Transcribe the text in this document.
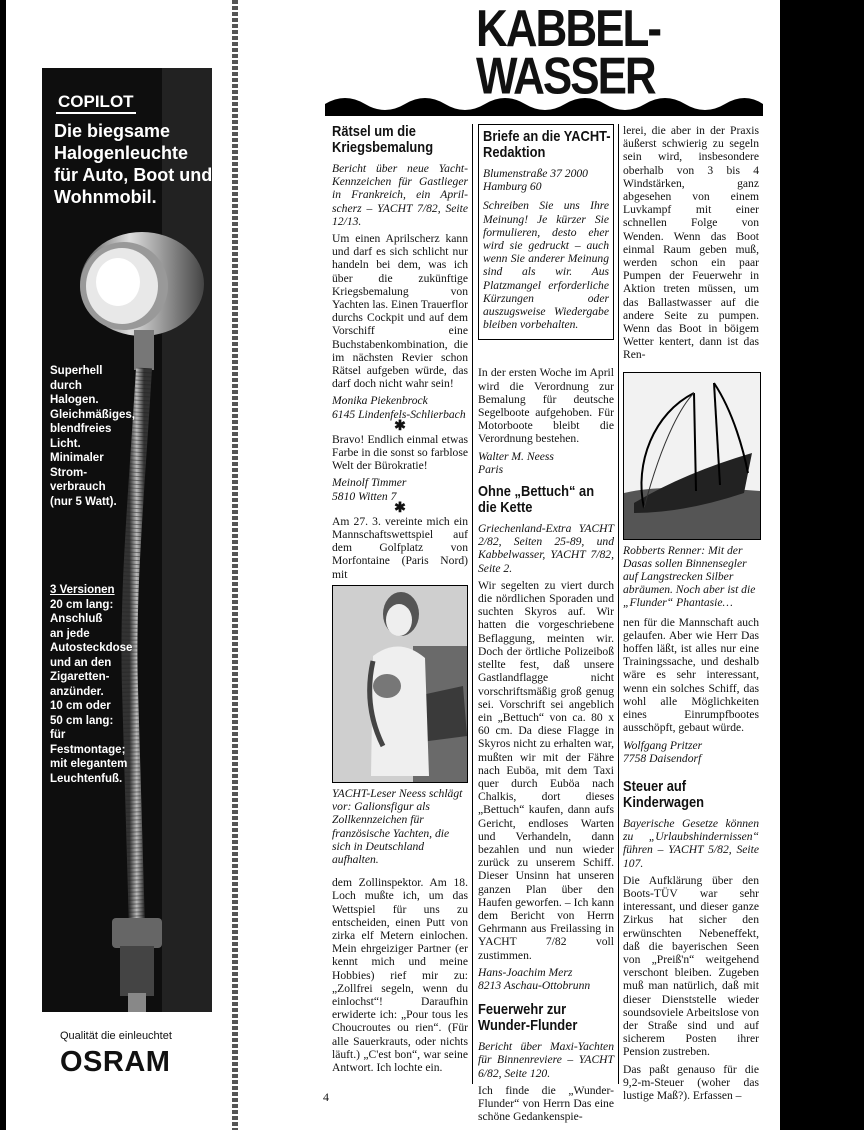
COPILOT
Die biegsame Halogenleuchte für Auto, Boot und Wohnmobil.
Superhell
durch Halogen.
Gleichmäßiges,
blendfreies
Licht.
Minimaler
Strom-
verbrauch
(nur 5 Watt).
3 Versionen
20 cm lang:
Anschluß
an jede
Autosteckdose
und an den
Zigaretten-
anzünder.
10 cm oder
50 cm lang:
für
Festmontage;
mit elegantem
Leuchtenfuß.
Qualität die einleuchtet
OSRAM
KABBEL-
WASSER
Rätsel um die Kriegsbemalung

Bericht über neue Yacht-Kennzeichen für Gastlieger in Frankreich, ein April-scherz – YACHT 7/82, Seite 12/13.

Um einen Aprilscherz kann und darf es sich schlicht nur handeln bei dem, was ich über die zukünftige Kriegsbemalung von Yachten las. Einen Trauerflor durchs Cockpit und auf dem Vorschiff eine Buchstabenkombination, die im nächsten Revier schon Rätsel aufgeben würde, das darf doch nicht wahr sein!

Monika Piekenbrock
6145 Lindenfels-Schlierbach
✱

Bravo! Endlich einmal etwas Farbe in die sonst so farblose Welt der Bürokratie!

Meinolf Timmer
5810 Witten 7
✱

Am 27. 3. vereinte mich ein Mannschaftswettspiel auf dem Golfplatz von Morfontaine (Paris Nord) mit

YACHT-Leser Neess schlägt vor: Galionsfigur als Zollkennzeichen für französische Yachten, die sich in Deutschland aufhalten.

dem Zollinspektor. Am 18. Loch mußte ich, um das Wettspiel für uns zu entscheiden, einen Putt von zirka elf Metern einlochen. Mein ehrgeiziger Partner (er kennt mich und meine Hobbies) rief mir zu: „Zollfrei segeln, wenn du einlochst“! Daraufhin erwiderte ich: „Pour tous les Choucroutes ou rien“. (Für alle Sauerkrauts, oder nichts läuft.) „C'est bon“, war seine Antwort. Ich lochte ein.

Briefe an die YACHT-Redaktion

Blumenstraße 37 2000 Hamburg 60

Schreiben Sie uns Ihre Meinung! Je kürzer Sie formulieren, desto eher wird sie gedruckt – auch wenn Sie anderer Meinung sind als wir. Aus Platzmangel erforderliche Kürzungen oder auszugsweise Wiedergabe bleiben vorbehalten.

In der ersten Woche im April wird die Verordnung zur Bemalung für deutsche Segelboote aufgehoben. Für Motorboote bleibt die Verordnung bestehen.

Walter M. Neess
Paris
Ohne „Bettuch“ an die Kette

Griechenland-Extra YACHT 2/82, Seiten 25-89, und Kabbelwasser, YACHT 7/82, Seite 2.

Wir segelten zu viert durch die nördlichen Sporaden und suchten Skyros auf. Wir hatten die vorgeschriebene Beflaggung, meinten wir. Doch der örtliche Polizeiboß stellte fest, daß unsere Gastlandflagge nicht vorschriftsmäßig groß genug sei. Vorschrift sei angeblich ein „Bettuch“ von ca. 80 x 60 cm. Da diese Flagge in Skyros nicht zu erhalten war, mußten wir mit der Fähre nach Euböa, mit dem Taxi quer durch Euböa nach Chalkis, dort dieses „Bettuch“ kaufen, dann aufs Gericht, endloses Warten und Verhandeln, dann bezahlen und nun wieder zurück zu unserem Schiff. Dieser Unsinn hat unseren ganzen Plan über den Haufen geworfen. – Ich kann dem Bericht von Herrn Gehrmann aus Freilassing in YACHT 7/82 voll zustimmen.

Hans-Joachim Merz
8213 Aschau-Ottobrunn
Feuerwehr zur Wunder-Flunder

Bericht über Maxi-Yachten für Binnenreviere – YACHT 6/82, Seite 120.

Ich finde die „Wunder-Flunder“ von Herrn Das eine schöne Gedankenspie-

lerei, die aber in der Praxis äußerst schwierig zu segeln sein wird, insbesondere oberhalb von 3 bis 4 Windstärken, ganz abgesehen von einem Luvkampf mit einer schnellen Folge von Wenden. Wenn das Boot einmal Raum geben muß, werden schon ein paar Pumpen der Feuerwehr in Aktion treten müssen, um das Ballastwasser auf die andere Seite zu pumpen. Wenn das Boot in böigem Wetter kentert, dann ist das Ren-

Robberts Renner: Mit der Dasas sollen Binnensegler auf Langstrecken Silber abräumen. Noch aber ist die „Flunder“ Phantasie…

nen für die Mannschaft auch gelaufen. Aber wie Herr Das hoffen läßt, ist alles nur eine Trainingssache, und deshalb wäre es sehr interessant, wenn ein solches Schiff, das wohl alle Möglichkeiten eines Einrumpfbootes ausschöpft, gebaut würde.

Wolfgang Pritzer
7758 Daisendorf
Steuer auf Kinderwagen

Bayerische Gesetze können zu „Urlaubshindernissen“ führen – YACHT 5/82, Seite 107.

Die Aufklärung über den Boots-TÜV war sehr interessant, und dieser ganze Zirkus hat sicher den erwünschten Nebeneffekt, daß die bayerischen Seen von „Preiß'n“ weitgehend verschont bleiben. Zugeben muß man natürlich, daß mit dieser Dienststelle wieder soundsoviele Arbeitslose von der Straße sind und auf sicherem Posten ihrer Pension zustreben.

Das paßt genauso für die 9,2-m-Steuer (woher das lustige Maß?). Erfassen –

4
